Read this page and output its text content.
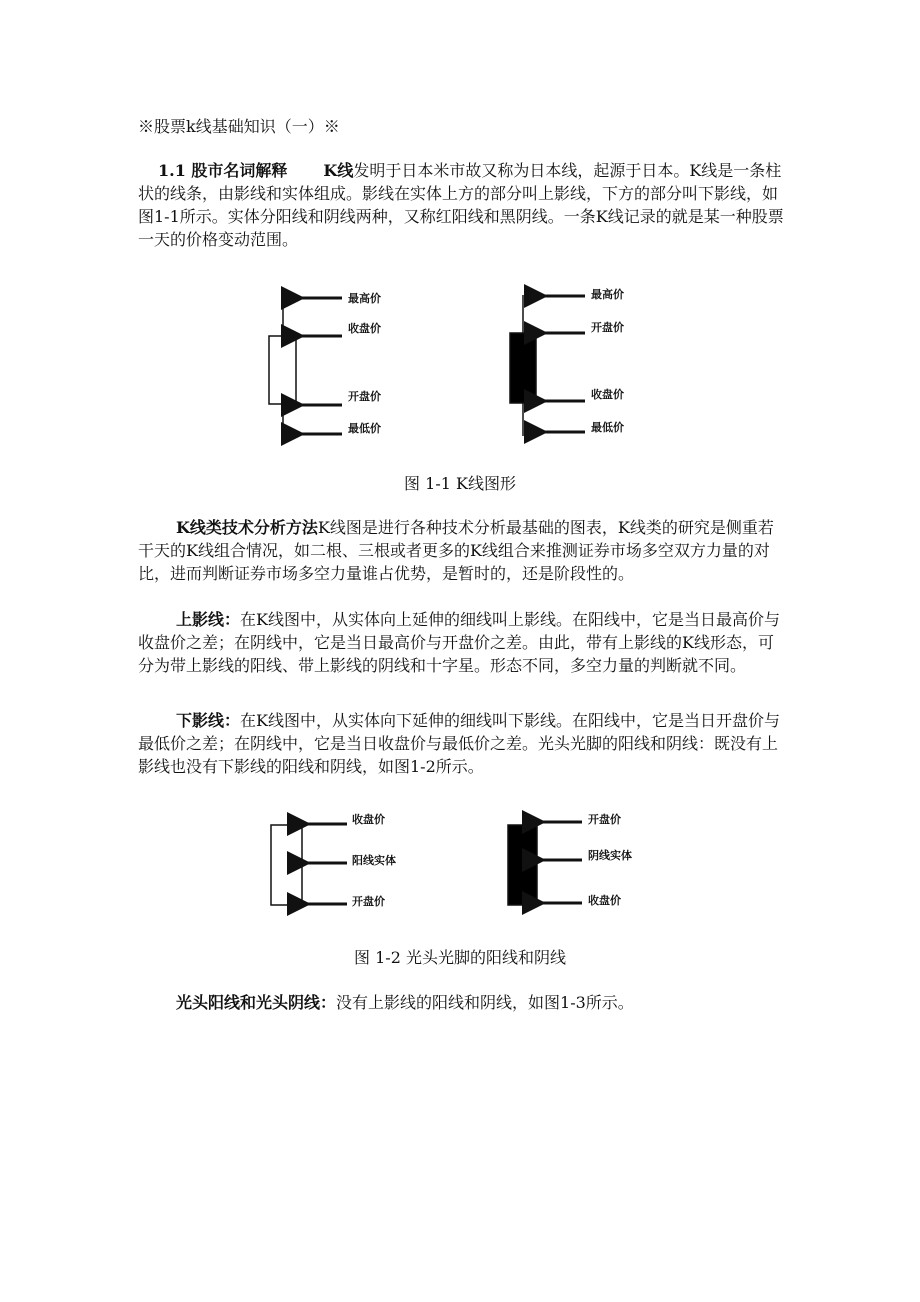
※股票k线基础知识（一）※
1.1 股市名词解释 K线发明于日本米市故又称为日本线，起源于日本。K线是一条柱状的线条，由影线和实体组成。影线在实体上方的部分叫上影线，下方的部分叫下影线，如图1-1所示。实体分阳线和阴线两种，又称红阳线和黑阴线。一条K线记录的就是某一种股票一天的价格变动范围。
最高价
收盘价
开盘价
最低价
最高价
开盘价
收盘价
最低价
收盘价
阳线实体
开盘价
开盘价
阴线实体
收盘价
图 1-1 K线图形
K线类技术分析方法K线图是进行各种技术分析最基础的图表，K线类的研究是侧重若干天的K线组合情况，如二根、三根或者更多的K线组合来推测证券市场多空双方力量的对比，进而判断证券市场多空力量谁占优势，是暂时的，还是阶段性的。
上影线：在K线图中，从实体向上延伸的细线叫上影线。在阳线中，它是当日最高价与收盘价之差；在阴线中，它是当日最高价与开盘价之差。由此，带有上影线的K线形态，可分为带上影线的阳线、带上影线的阴线和十字星。形态不同，多空力量的判断就不同。
下影线：在K线图中，从实体向下延伸的细线叫下影线。在阳线中，它是当日开盘价与最低价之差；在阴线中，它是当日收盘价与最低价之差。光头光脚的阳线和阴线：既没有上影线也没有下影线的阳线和阴线，如图1-2所示。
图 1-2 光头光脚的阳线和阴线
光头阳线和光头阴线：没有上影线的阳线和阴线，如图1-3所示。
